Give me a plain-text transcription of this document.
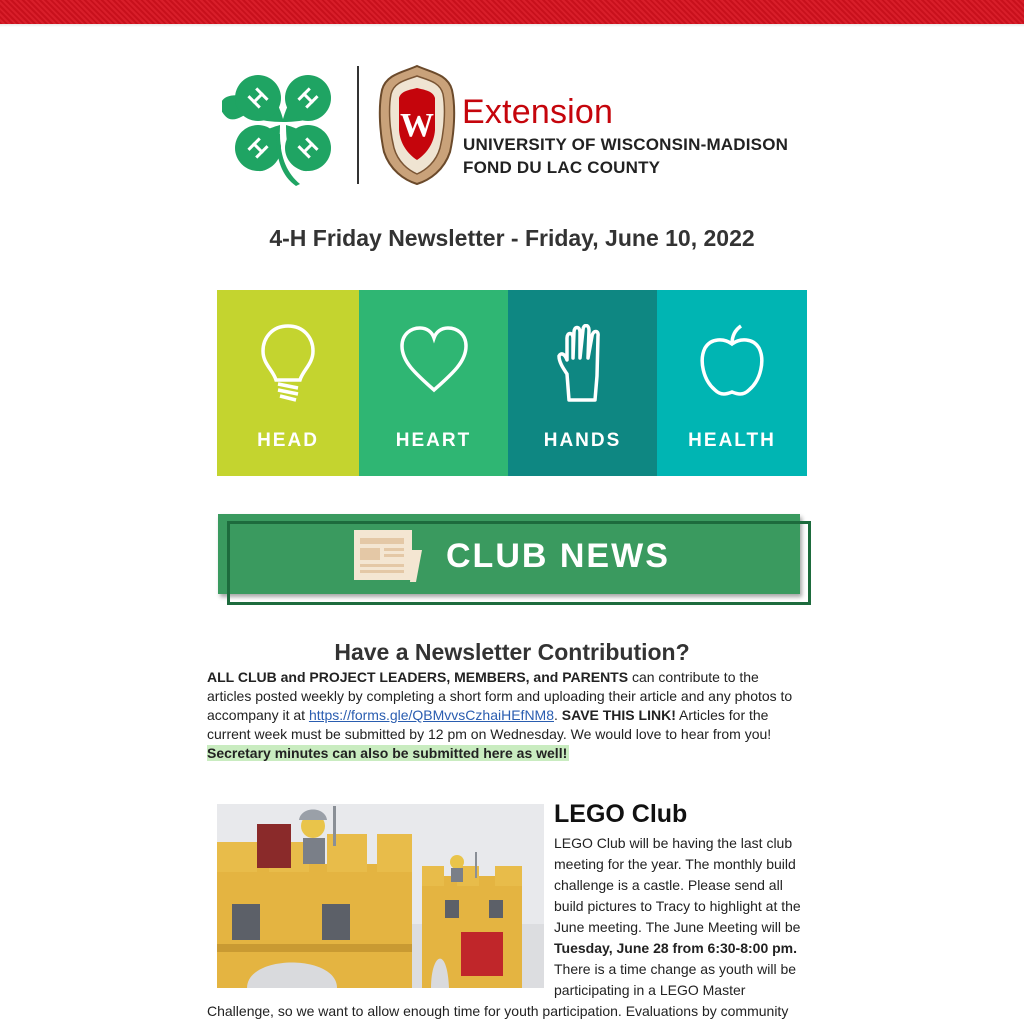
W Extension
UNIVERSITY OF WISCONSIN-MADISON
FOND DU LAC COUNTY
4-H Friday Newsletter - Friday, June 10, 2022
HEAD	HEART	HANDS	HEALTH
CLUB NEWS
Have a Newsletter Contribution?
ALL CLUB and PROJECT LEADERS, MEMBERS, and PARENTS can contribute to the articles posted weekly by completing a short form and uploading their article and any photos to accompany it at https://forms.gle/QBMvvsCzhaiHEfNM8. SAVE THIS LINK! Articles for the current week must be submitted by 12 pm on Wednesday. We would love to hear from you!
Secretary minutes can also be submitted here as well!
LEGO Club
LEGO Club will be having the last club meeting for the year. The monthly build challenge is a castle. Please send all build pictures to Tracy to highlight at the June meeting. The June Meeting will be Tuesday, June 28 from 6:30-8:00 pm. There is a time change as youth will be participating in a LEGO Master
Challenge, so we want to allow enough time for youth participation. Evaluations by community
